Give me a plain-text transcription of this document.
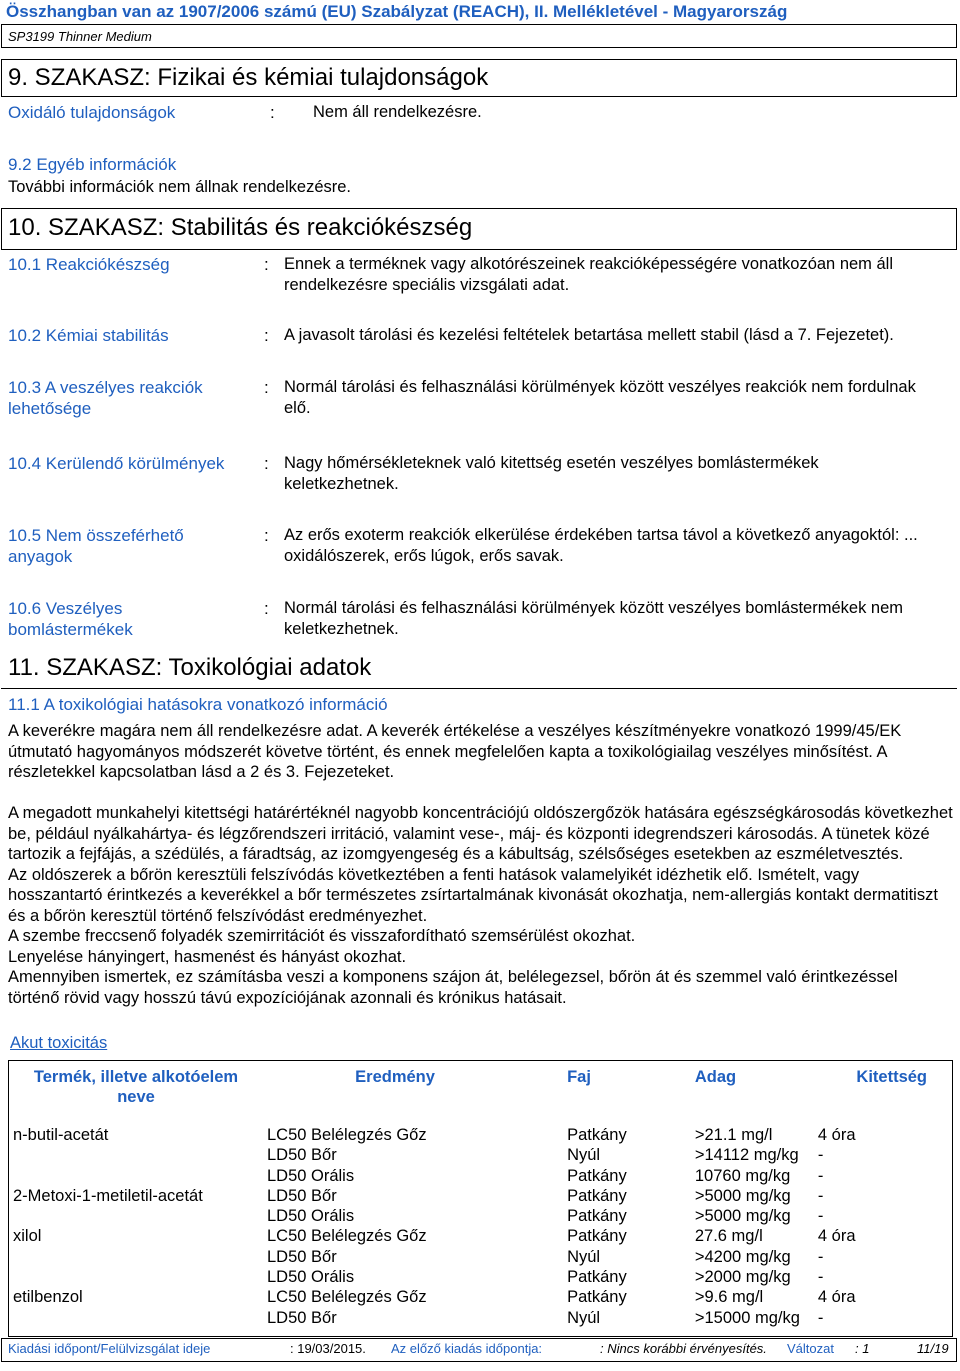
Összhangban van az 1907/2006 számú (EU) Szabályzat (REACH), II. Mellékletével - Magyarország
SP3199 Thinner Medium
9. SZAKASZ: Fizikai és kémiai tulajdonságok
Oxidáló tulajdonságok	: Nem áll rendelkezésre.
9.2 Egyéb információk
További információk nem állnak rendelkezésre.
10. SZAKASZ: Stabilitás és reakciókészség
10.1 Reakciókészség	: Ennek a terméknek vagy alkotórészeinek reakcióképességére vonatkozóan nem áll rendelkezésre speciális vizsgálati adat.
10.2 Kémiai stabilitás	: A javasolt tárolási és kezelési feltételek betartása mellett stabil (lásd a 7. Fejezetet).
10.3 A veszélyes reakciók lehetősége
: Normál tárolási és felhasználási körülmények között veszélyes reakciók nem fordulnak elő.
10.4 Kerülendő körülmények	: Nagy hőmérsékleteknek való kitettség esetén veszélyes bomlástermékek keletkezhetnek.
10.5 Nem összeférhető anyagok
: Az erős exoterm reakciók elkerülése érdekében tartsa távol a következő anyagoktól: ... oxidálószerek, erős lúgok, erős savak.
10.6 Veszélyes bomlástermékek
: Normál tárolási és felhasználási körülmények között veszélyes bomlástermékek nem keletkezhetnek.
11. SZAKASZ: Toxikológiai adatok
11.1 A toxikológiai hatásokra vonatkozó információ
A keverékre magára nem áll rendelkezésre adat. A keverék értékelése a veszélyes készítményekre vonatkozó 1999/45/EK útmutató hagyományos módszerét követve történt, és ennek megfelelően kapta a toxikológiailag veszélyes minősítést. A részletekkel kapcsolatban lásd a 2 és 3. Fejezeteket.
A megadott munkahelyi kitettségi határértéknél nagyobb koncentrációjú oldószergőzök hatására egészségkárosodás következhet be, például nyálkahártya- és légzőrendszeri irritáció, valamint vese-, máj- és központi idegrendszeri károsodás. A tünetek közé tartozik a fejfájás, a szédülés, a fáradtság, az izomgyengeség és a kábultság, szélsőséges esetekben az eszméletvesztés.
Az oldószerek a bőrön keresztüli felszívódás következtében a fenti hatások valamelyikét idézhetik elő. Ismételt, vagy hosszantartó érintkezés a keverékkel a bőr természetes zsírtartalmának kivonását okozhatja, nem-allergiás kontakt dermatitiszt és a bőrön keresztül történő felszívódást eredményezhet.
A szembe freccsenő folyadék szemirritációt és visszafordítható szemsérülést okozhat.
Lenyelése hányingert, hasmenést és hányást okozhat.
Amennyiben ismertek, ez számításba veszi a komponens szájon át, belélegezsel, bőrön át és szemmel való érintkezéssel történő rövid vagy hosszú távú expozíciójának azonnali és krónikus hatásait.
Akut toxicitás
Termék, illetve alkotóelem neve	Eredmény	Faj	Adag	Kitettség
n-butil-acetát	LC50 Belélegzés Gőz	Patkány	>21.1 mg/l	4 óra
	LD50 Bőr	Nyúl	>14112 mg/kg	-
	LD50 Orális	Patkány	10760 mg/kg	-
2-Metoxi-1-metiletil-acetát	LD50 Bőr	Patkány	>5000 mg/kg	-
	LD50 Orális	Patkány	>5000 mg/kg	-
xilol	LC50 Belélegzés Gőz	Patkány	27.6 mg/l	4 óra
	LD50 Bőr	Nyúl	>4200 mg/kg	-
	LD50 Orális	Patkány	>2000 mg/kg	-
etilbenzol	LC50 Belélegzés Gőz	Patkány	>9.6 mg/l	4 óra
	LD50 Bőr	Nyúl	>15000 mg/kg	-
Kiadási időpont/Felülvizsgálat ideje	: 19/03/2015. Az előző kiadás időpontja:	: Nincs korábbi érvényesítés. Változat : 1	11/19
